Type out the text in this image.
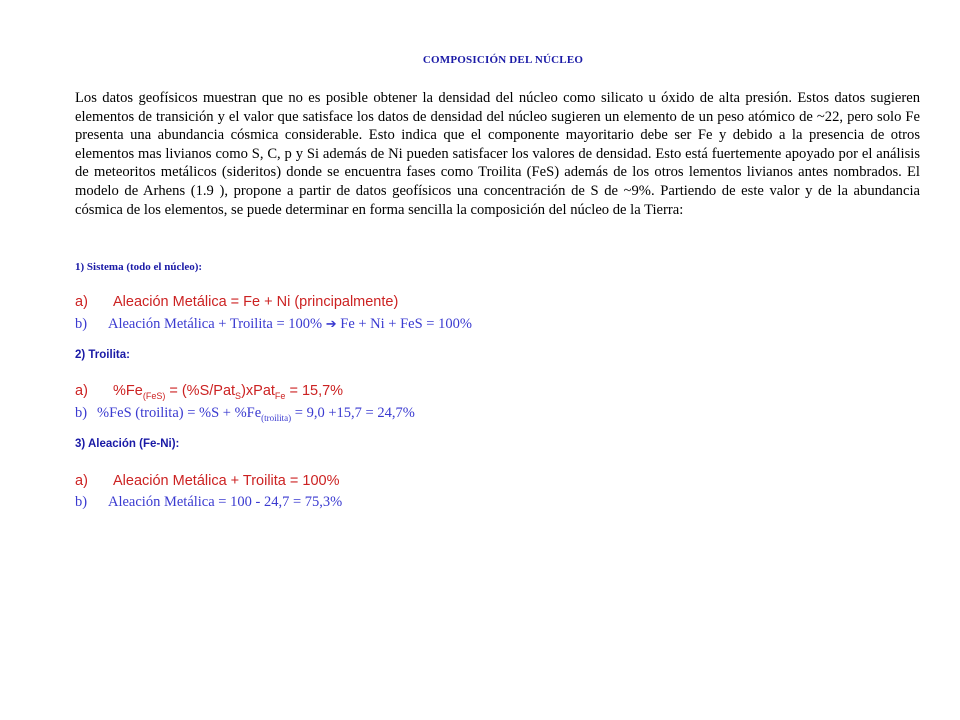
COMPOSICIÓN DEL NÚCLEO

Los datos geofísicos muestran que no es posible obtener la densidad del núcleo como silicato u óxido de alta presión. Estos datos sugieren elementos de transición y el valor que satisface los datos de densidad del núcleo sugieren un elemento de un peso atómico de ~22, pero solo Fe presenta una abundancia cósmica considerable. Esto indica que el componente mayoritario debe ser Fe y debido a la presencia de otros elementos mas livianos como S, C, p y Si además de Ni pueden satisfacer los valores de densidad. Esto está fuertemente apoyado por el análisis de meteoritos metálicos (sideritos) donde se encuentra fases como Troilita (FeS) además de los otros lementos livianos antes nombrados. El modelo de Arhens (1.9 ), propone a partir de datos geofísicos una concentración de S de ~9%. Partiendo de este valor y de la abundancia cósmica de los elementos, se puede determinar en forma sencilla la composición del núcleo de la Tierra:

1) Sistema (todo el núcleo):
a) Aleación Metálica = Fe + Ni (principalmente)
b) Aleación Metálica + Troilita = 100% ➔ Fe + Ni + FeS = 100%
2) Troilita:
a) $\%Fe_{(FeS)}$ = (%S/Pat$_S$)xPat$_{Fe}$ = 15,7%
b) %FeS (troilita) = $\%S + \%Fe_{(troilita)} = 9,0 +15,7 = 24,7\%$
3) Aleación (Fe-Ni):
a) Aleación Metálica + Troilita = 100%
b) Aleación Metálica = 100 - 24,7 = 75,3%
